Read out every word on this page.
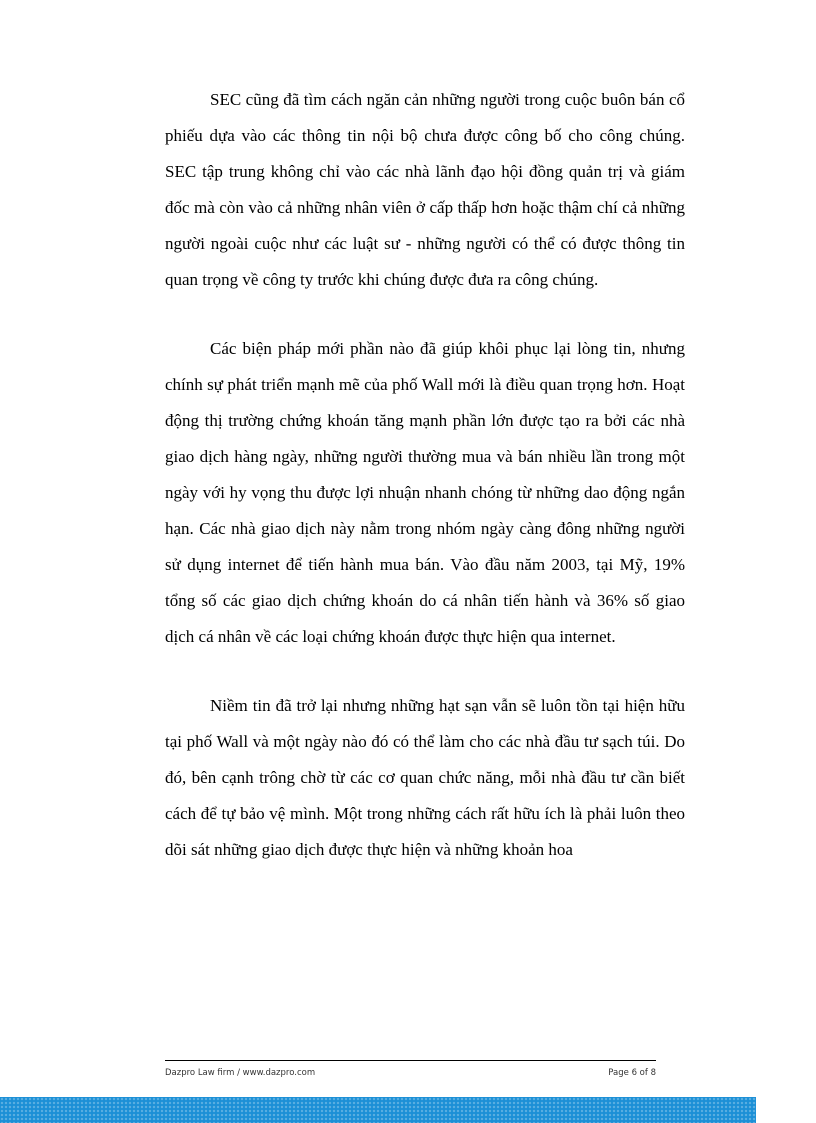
SEC cũng đã tìm cách ngăn cản những người trong cuộc buôn bán cổ phiếu dựa vào các thông tin nội bộ chưa được công bố cho công chúng. SEC tập trung không chỉ vào các nhà lãnh đạo hội đồng quản trị và giám đốc mà còn vào cả những nhân viên ở cấp thấp hơn hoặc thậm chí cả những người ngoài cuộc như các luật sư - những người có thể có được thông tin quan trọng về công ty trước khi chúng được đưa ra công chúng.

Các biện pháp mới phần nào đã giúp khôi phục lại lòng tin, nhưng chính sự phát triển mạnh mẽ của phố Wall mới là điều quan trọng hơn. Hoạt động thị trường chứng khoán tăng mạnh phần lớn được tạo ra bởi các nhà giao dịch hàng ngày, những người thường mua và bán nhiều lần trong một ngày với hy vọng thu được lợi nhuận nhanh chóng từ những dao động ngắn hạn. Các nhà giao dịch này nằm trong nhóm ngày càng đông những người sử dụng internet để tiến hành mua bán. Vào đầu năm 2003, tại Mỹ, 19% tổng số các giao dịch chứng khoán do cá nhân tiến hành và 36% số giao dịch cá nhân về các loại chứng khoán được thực hiện qua internet.

Niềm tin đã trở lại nhưng những hạt sạn vẫn sẽ luôn tồn tại hiện hữu tại phố Wall và một ngày nào đó có thể làm cho các nhà đầu tư sạch túi. Do đó, bên cạnh trông chờ từ các cơ quan chức năng, mỗi nhà đầu tư cần biết cách để tự bảo vệ mình. Một trong những cách rất hữu ích là phải luôn theo dõi sát những giao dịch được thực hiện và những khoản hoa

Dazpro Law firm / www.dazpro.com	Page 6 of 8
